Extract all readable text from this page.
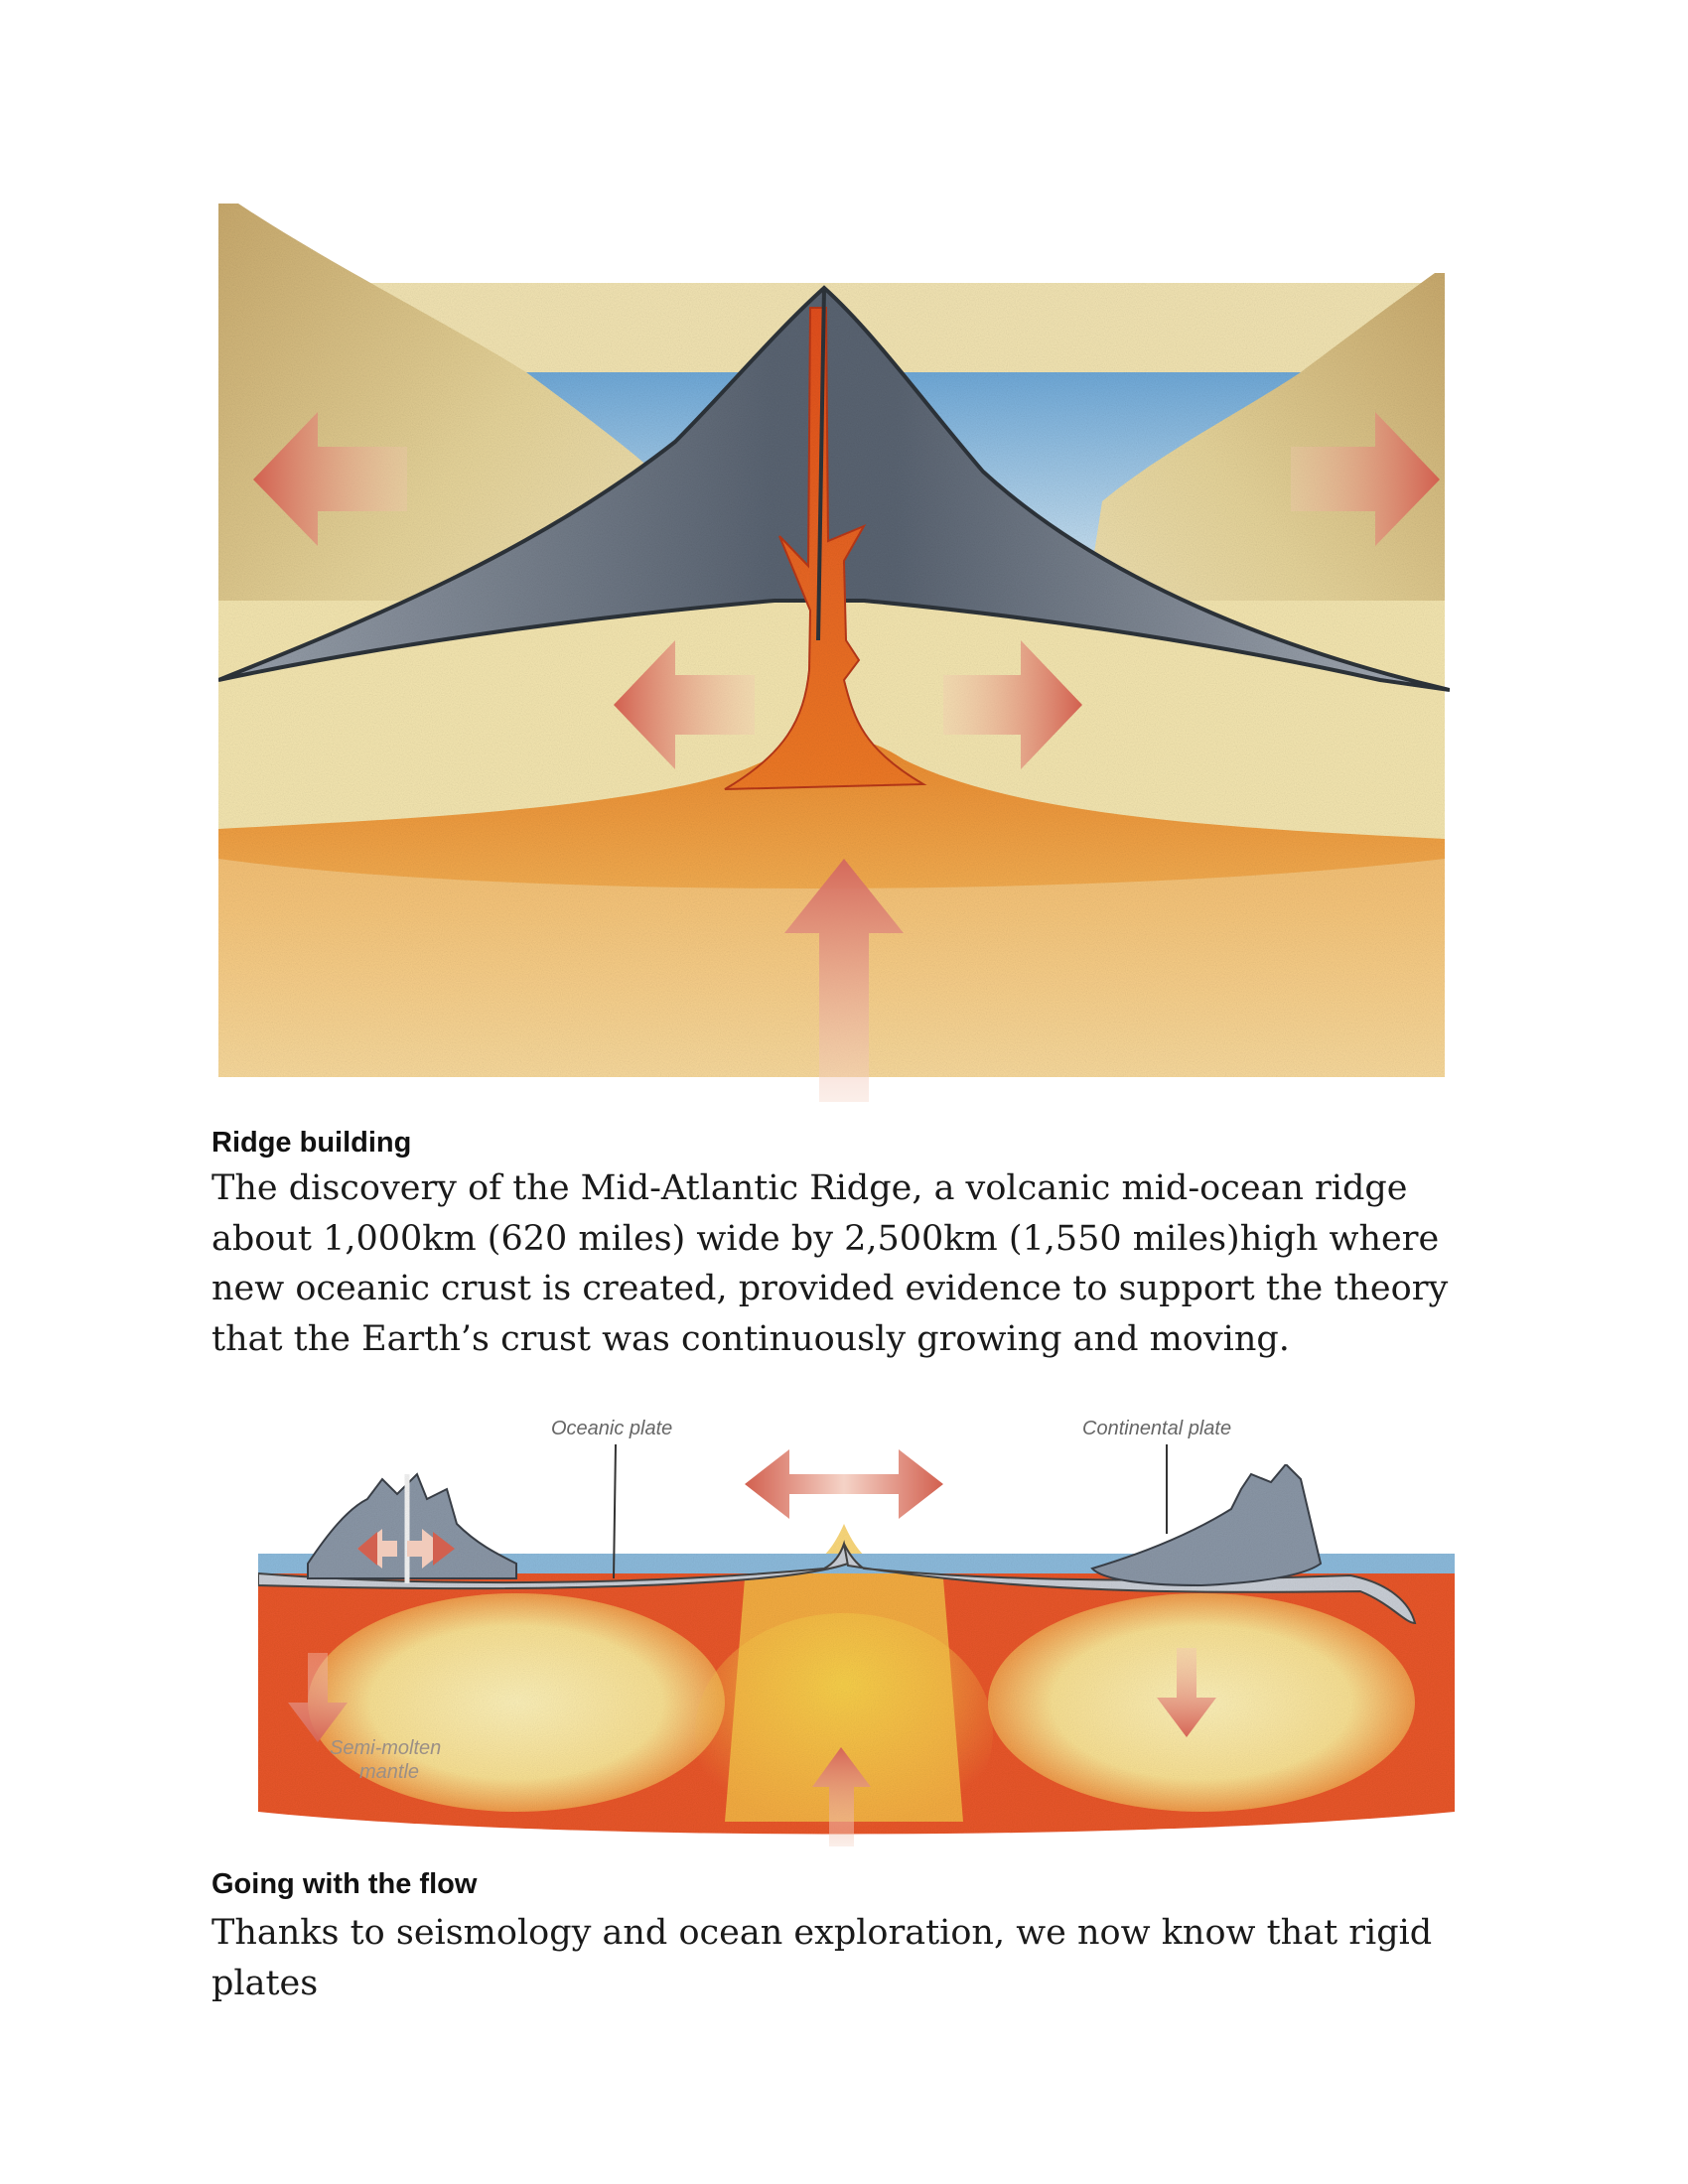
Ridge building

The discovery of the Mid-Atlantic Ridge, a volcanic mid-ocean ridge about 1,000km (620 miles) wide by 2,500km (1,550 miles)high where new oceanic crust is created, provided evidence to support the theory that the Earth’s crust was continuously growing and moving.

Oceanic plate	Continental plate
Semi-molten
mantle
Going with the flow

Thanks to seismology and ocean exploration, we now know that rigid plates
